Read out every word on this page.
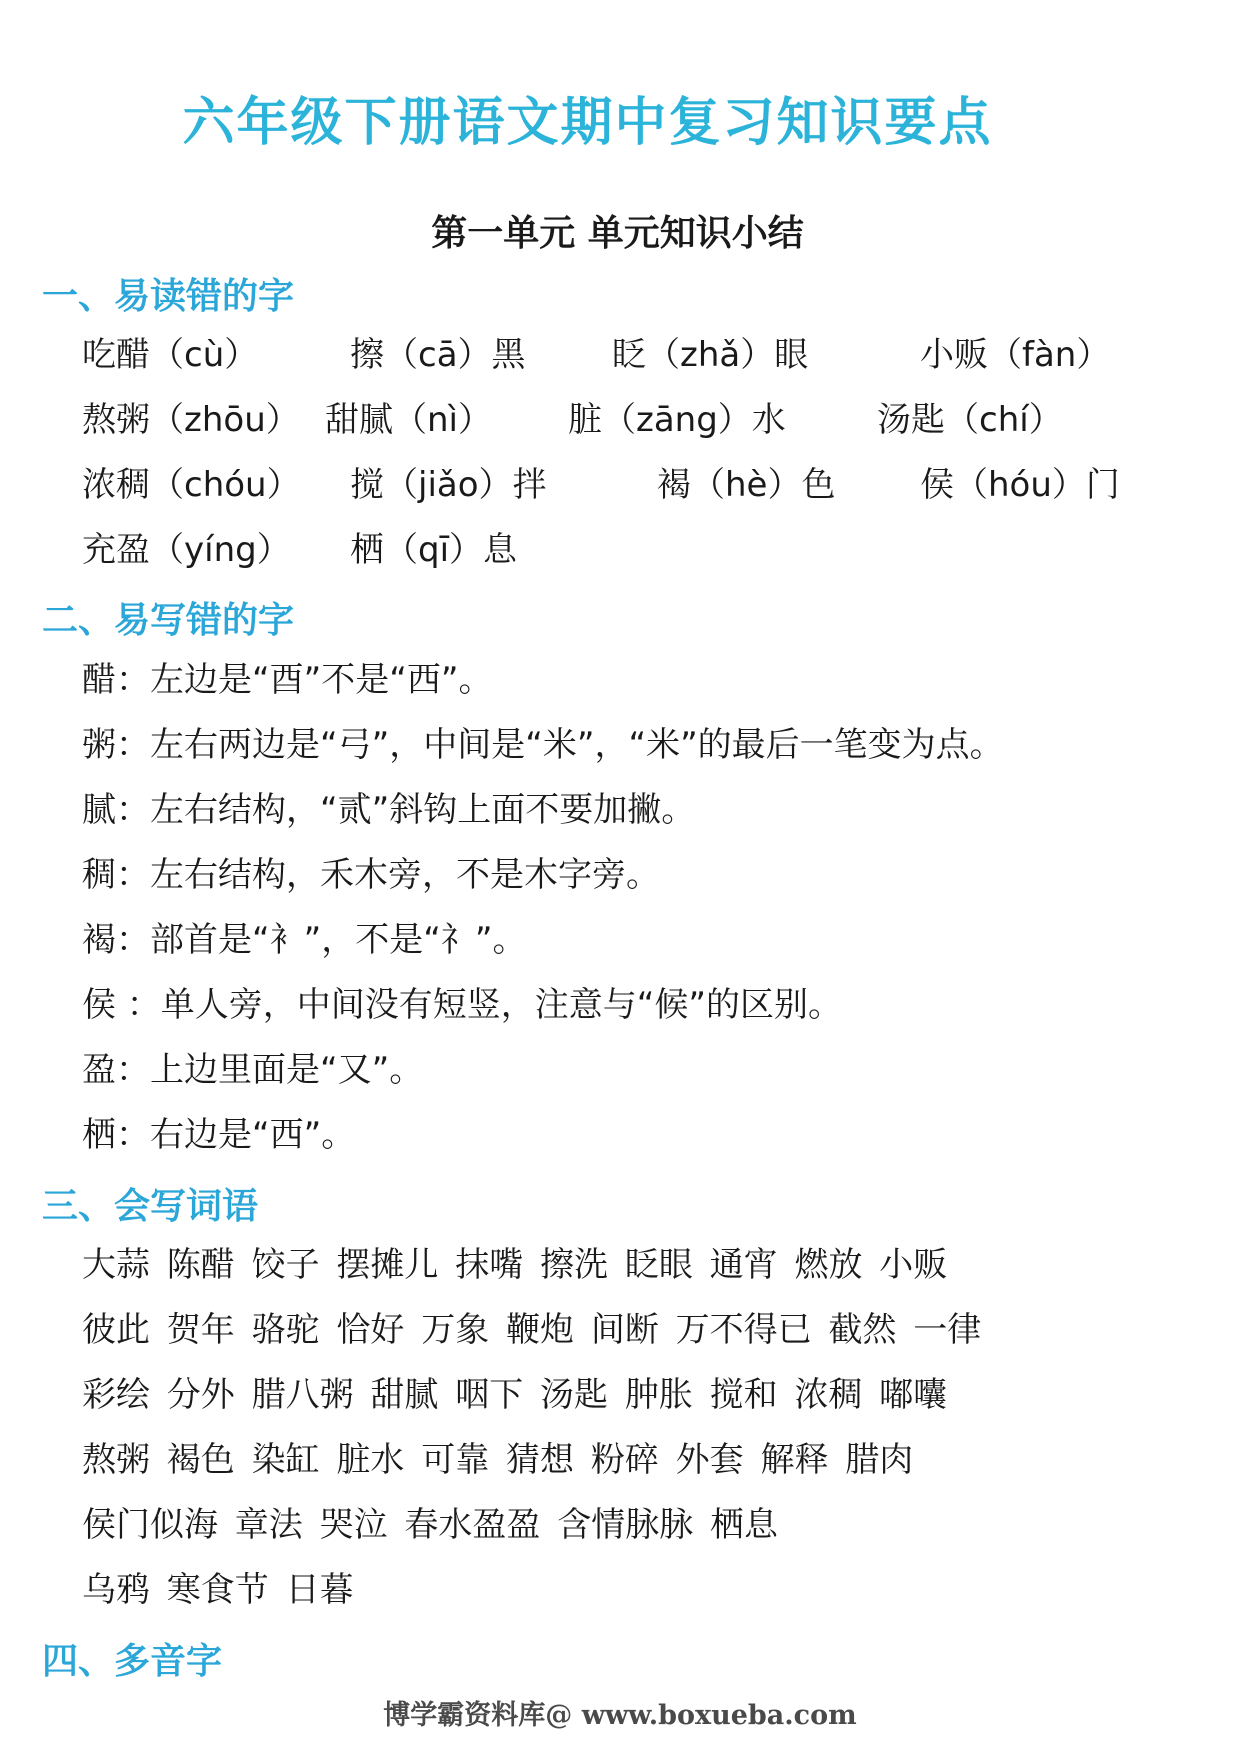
六年级下册语文期中复习知识要点
第一单元 单元知识小结
一、易读错的字
吃醋（cù）	擦（cā）黑	眨（zhǎ）眼	小贩（fàn）
熬粥（zhōu） 甜腻（nì） 脏（zāng）水	汤匙（chí）
浓稠（chóu） 搅（jiǎo）拌	褐（hè）色 侯（hóu）门
充盈（yíng） 栖（qī）息
二、易写错的字
醋：左边是“酉”不是“西”。
粥：左右两边是“弓”，中间是“米”，“米”的最后一笔变为点。
腻：左右结构，“贰”斜钩上面不要加撇。
稠：左右结构，禾木旁，不是木字旁。
褐：部首是“衤”，不是“礻”。
侯 ：单人旁，中间没有短竖，注意与“候”的区别。
盈：上边里面是“又”。
栖：右边是“西”。
三、会写词语
大蒜 陈醋 饺子 摆摊儿 抹嘴 擦洗 眨眼 通宵 燃放 小贩
彼此 贺年 骆驼 恰好 万象 鞭炮 间断 万不得已 截然 一律
彩绘 分外 腊八粥 甜腻 咽下 汤匙 肿胀 搅和 浓稠 嘟囔
熬粥 褐色 染缸 脏水 可靠 猜想 粉碎 外套 解释 腊肉
侯门似海 章法 哭泣 春水盈盈 含情脉脉 栖息
乌鸦 寒食节 日暮
四、多音字
博学霸资料库@ www.boxueba.com
